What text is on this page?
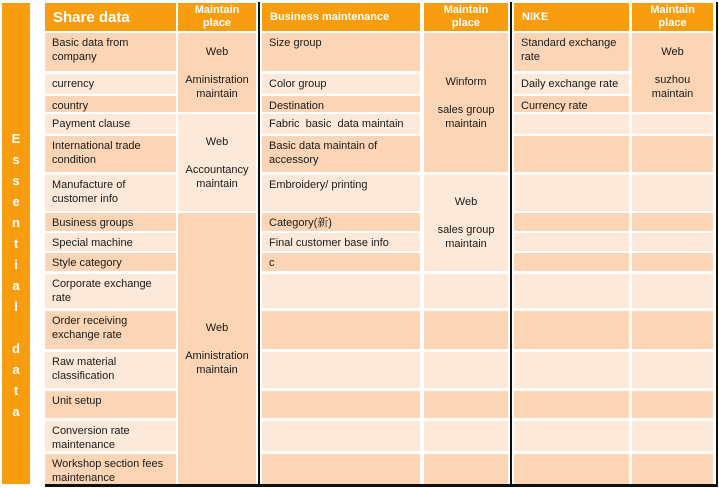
E
s
s
e
n
t
i
a
l
d
a
t
a
Share data
Basic data from company
currency
country
Payment clause
International trade condition
Manufacture of customer info
Business groups
Special machine
Style category
Corporate exchange rate
Order receiving exchange rate
Raw material classification
Unit setup
Conversion rate maintenance
Workshop section fees maintenance
Maintain place
Web
Aministration maintain
Web
Accountancy maintain
Web
Aministration maintain
Business maintenance
Size group
Color group
Destination
Fabric  basic  data maintain
Basic data maintain of accessory
Embroidery/ printing
Category(新)
Final customer base info
c
Maintain place
Winform
sales group maintain
Web
sales group maintain
NIKE
Standard exchange rate
Daily exchange rate
Currency rate
Maintain place
Web
suzhou maintain
